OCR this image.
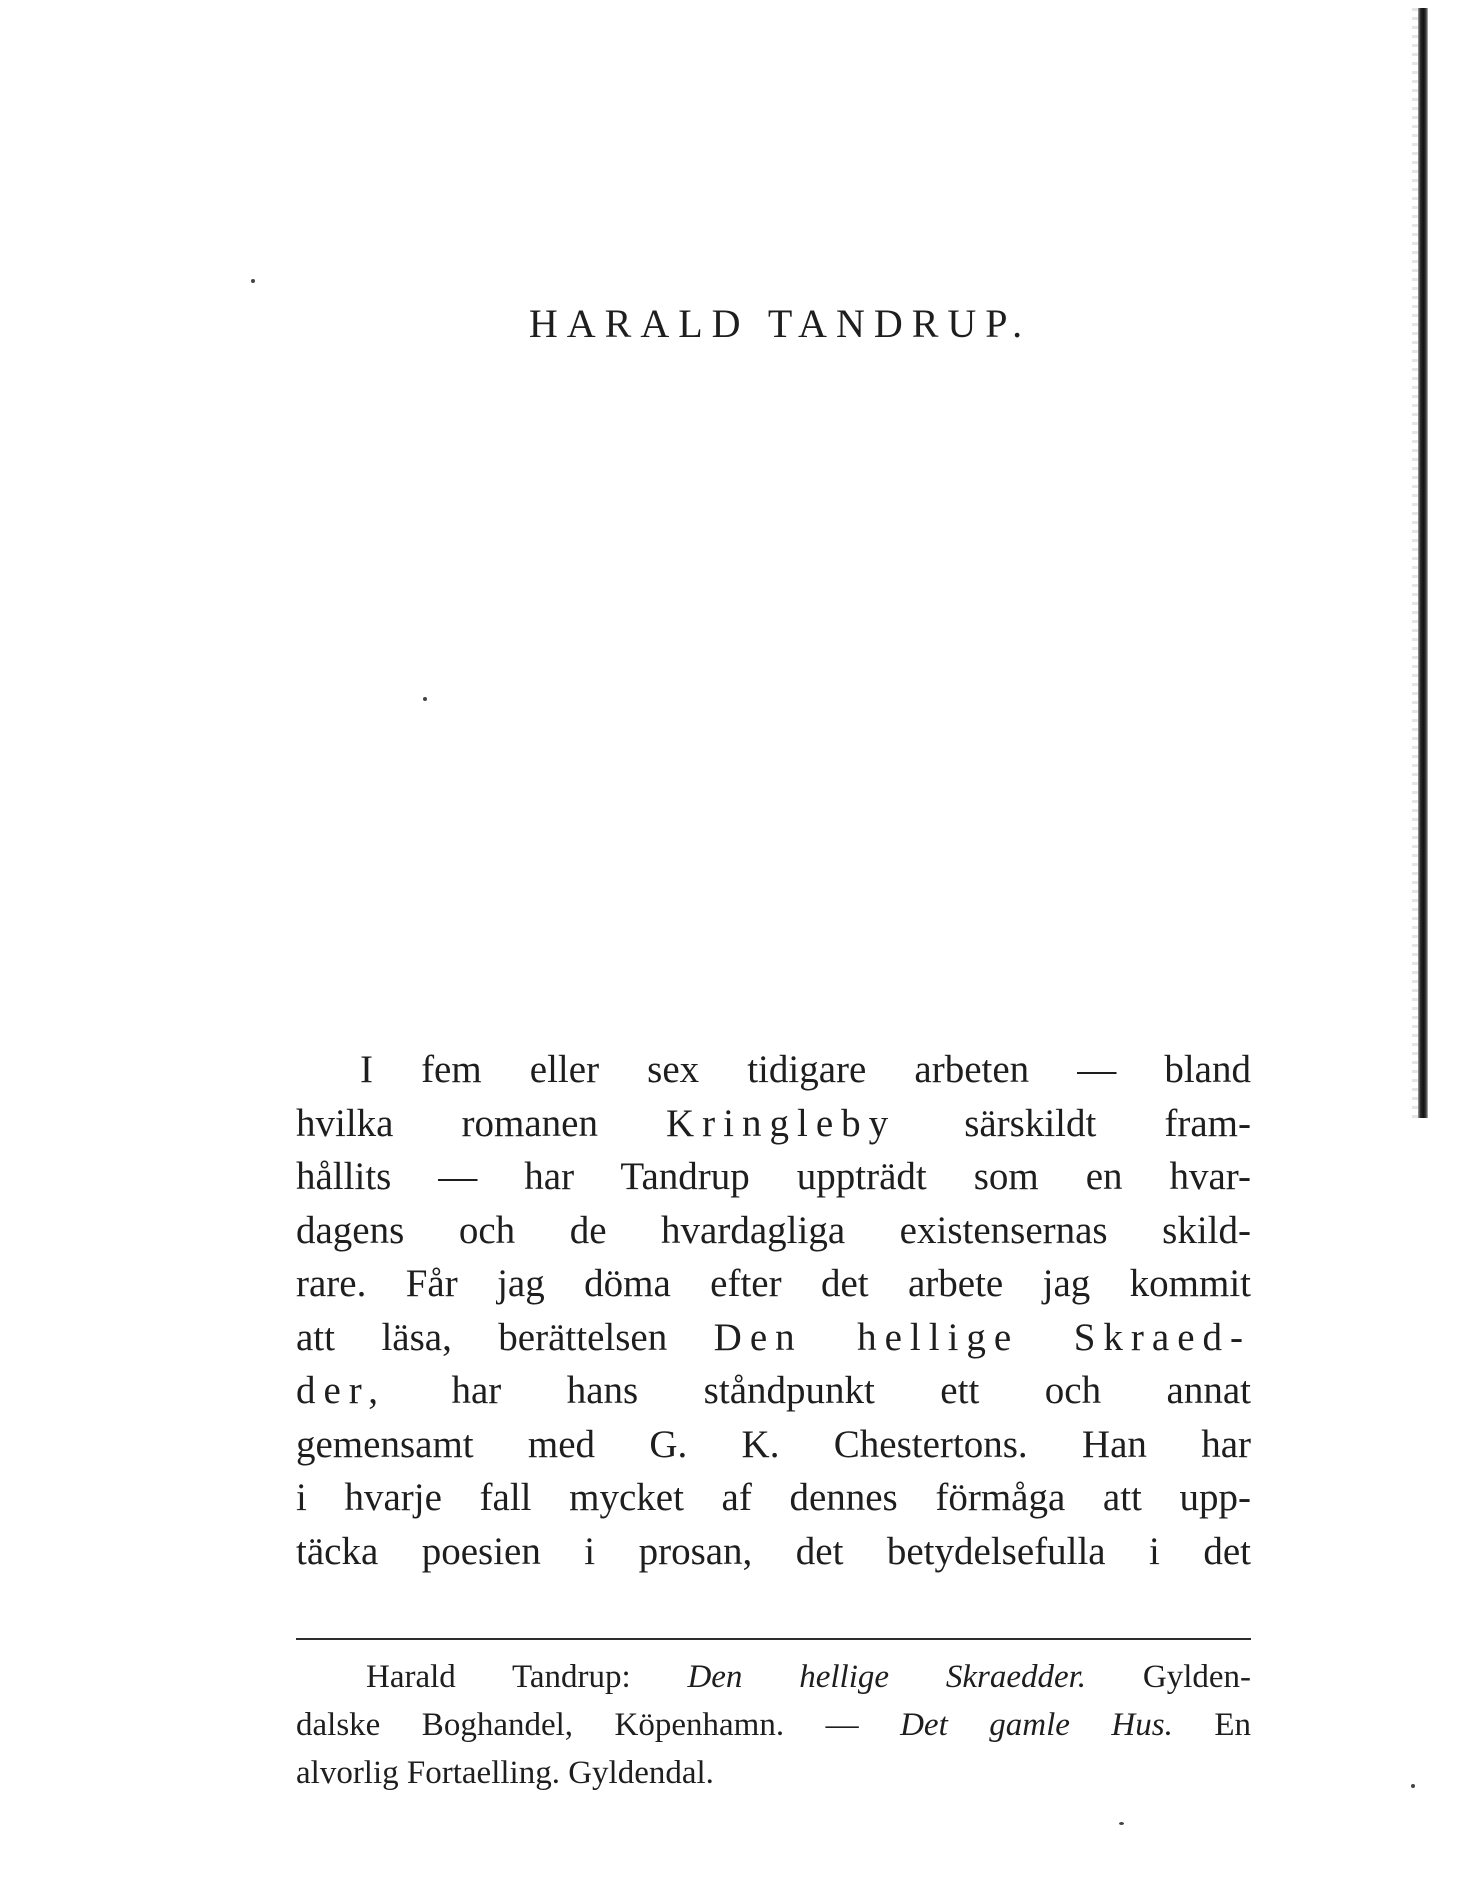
HARALD TANDRUP.

I fem eller sex tidigare arbeten — bland
hvilka romanen Kringleby särskildt fram-
hållits — har Tandrup uppträdt som en hvar-
dagens och de hvardagliga existensernas skild-
rare. Får jag döma efter det arbete jag kommit
att läsa, berättelsen Den hellige Skraed-
der, har hans ståndpunkt ett och annat
gemensamt med G. K. Chestertons. Han har
i hvarje fall mycket af dennes förmåga att upp-
täcka poesien i prosan, det betydelsefulla i det

Harald Tandrup: Den hellige Skraedder. Gylden-
dalske Boghandel, Köpenhamn. — Det gamle Hus. En
alvorlig Fortaelling. Gyldendal.
